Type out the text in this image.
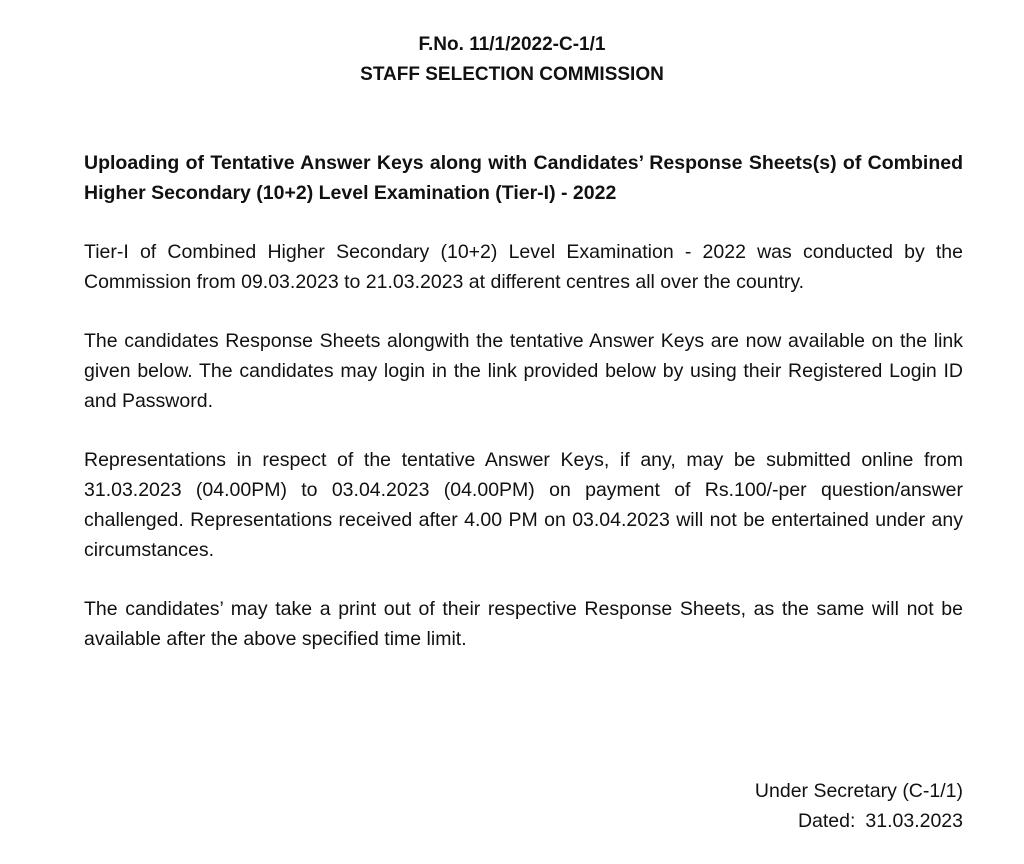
F.No. 11/1/2022-C-1/1
STAFF SELECTION COMMISSION

Uploading of Tentative Answer Keys along with Candidates’ Response Sheets(s) of Combined Higher Secondary (10+2) Level Examination (Tier-I) - 2022

Tier-I of Combined Higher Secondary (10+2) Level Examination - 2022 was conducted by the Commission from 09.03.2023 to 21.03.2023 at different centres all over the country.

The candidates Response Sheets alongwith the tentative Answer Keys are now available on the link given below. The candidates may login in the link provided below by using their Registered Login ID and Password.

Representations in respect of the tentative Answer Keys, if any, may be submitted online from 31.03.2023 (04.00PM) to 03.04.2023 (04.00PM) on payment of Rs.100/-per question/answer challenged. Representations received after 4.00 PM on 03.04.2023 will not be entertained under any circumstances.

The candidates’ may take a print out of their respective Response Sheets, as the same will not be available after the above specified time limit.

Under Secretary (C-1/1)
Dated: 31.03.2023
